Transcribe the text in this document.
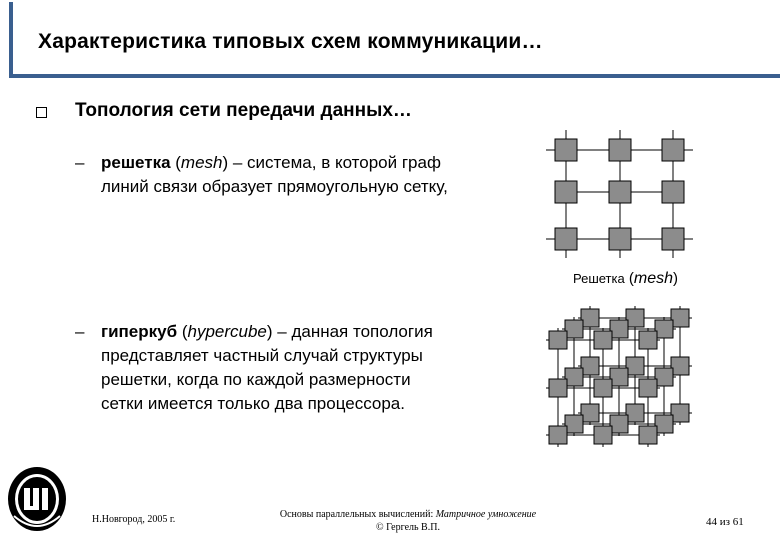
Характеристика типовых схем коммуникации…
Топология сети передачи данных…
– решетка (mesh) – система, в которой граф
линий связи образует прямоугольную сетку,
Решетка (mesh)
– гиперкуб (hypercube) – данная топология
представляет частный случай структуры
решетки, когда по каждой размерности
сетки имеется только два процессора.
Н.Новгород, 2005 г.	Основы параллельных вычислений: Матричное умножение
© Гергель В.П.	44 из 61
